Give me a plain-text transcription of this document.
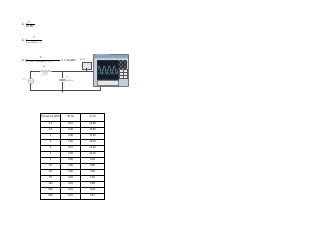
fₐ =
1
2π RC
fₐ =
1
2 π (220) (...)
fₐ =
1
2 · 3.14 · (220)(0.47· 10⁻⁶)	= 1.54 kHz
V1
R1
220Ω
C1
0.47µF
XSC1
Oscilloscope-XSC1
Frecuencia (KHz)	VR (V)	Vc (V)
0.1	0.10	13.98
0.5	0.46	13.80
1	0.90	13.36
2	1.60	12.20
3	2.10	11.20
4	2.50	10.20
5	2.80	9.30
10	3.60	6.80
20	4.00	3.90
50	4.20	1.60
100	4.20	0.85
200	4.20	0.42
500	4.20	0.17
